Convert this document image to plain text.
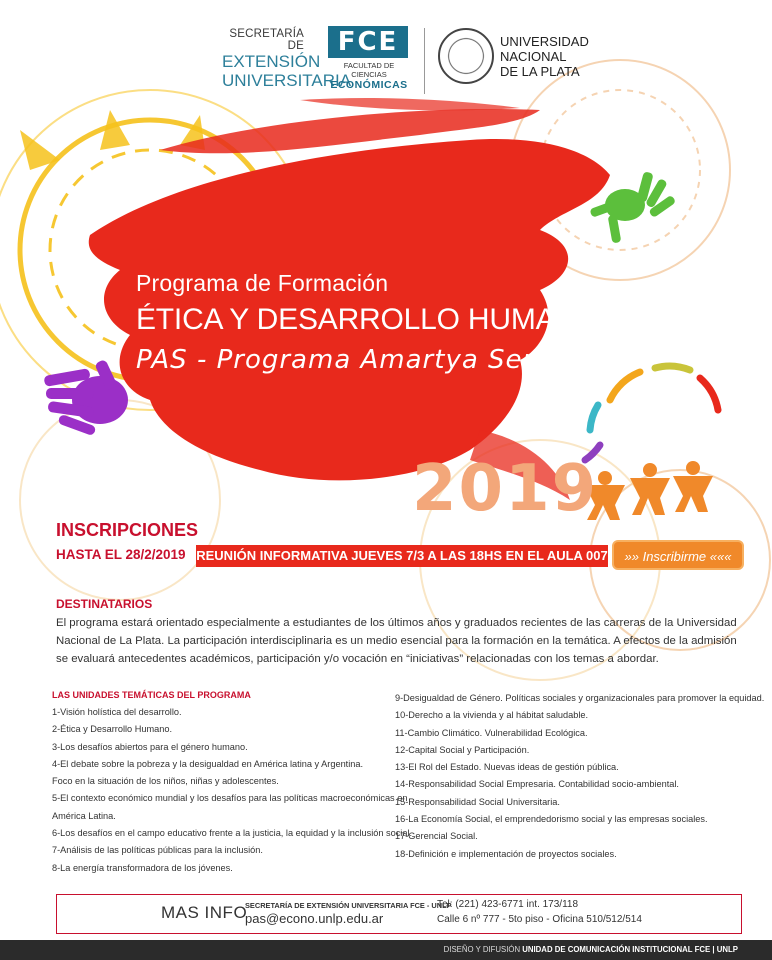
SECRETARÍA DE
EXTENSIÓN
UNIVERSITARIA
FCE
FACULTAD DE CIENCIAS
ECONÓMICAS
UNIVERSIDAD
NACIONAL
DE LA PLATA
Programa de Formación
ÉTICA Y DESARROLLO HUMANO
PAS - Programa Amartya Sen
2019
INSCRIPCIONES
HASTA EL 28/2/2019 REUNIÓN INFORMATIVA JUEVES 7/3 A LAS 18HS EN EL AULA 007	»» Inscribirme «««
DESTINATARIOS
El programa estará orientado especialmente a estudiantes de los últimos años y graduados recientes de las carreras de la Universidad Nacional de La Plata. La participación interdisciplinaria es un medio esencial para la formación en la temática. A efectos de la admisión se evaluará antecedentes académicos, participación y/o vocación en “iniciativas” relacionadas con los temas a abordar.
LAS UNIDADES TEMÁTICAS DEL PROGRAMA
1-Visión holística del desarrollo.
2-Ética y Desarrollo Humano.
3-Los desafíos abiertos para el género humano.
4-El debate sobre la pobreza y la desigualdad en América latina y Argentina.
Foco en la situación de los niños, niñas y adolescentes.
5-El contexto económico mundial y los desafíos para las políticas macroeconómicas en
América Latina.
6-Los desafíos en el campo educativo frente a la justicia, la equidad y la inclusión social.
7-Análisis de las políticas públicas para la inclusión.
8-La energía transformadora de los jóvenes.
9-Desigualdad de Género. Políticas sociales y organizacionales para promover la equidad.
10-Derecho a la vivienda y al hábitat saludable.
11-Cambio Climático. Vulnerabilidad Ecológica.
12-Capital Social y Participación.
13-El Rol del Estado. Nuevas ideas de gestión pública.
14-Responsabilidad Social Empresaria. Contabilidad socio-ambiental.
15-Responsabilidad Social Universitaria.
16-La Economía Social, el emprendedorismo social y las empresas sociales.
17-Gerencial Social.
18-Definición e implementación de proyectos sociales.
MAS INFO
SECRETARÍA DE EXTENSIÓN UNIVERSITARIA FCE - UNLP
pas@econo.unlp.edu.ar
Tel: (221) 423-6771 int. 173/118
Calle 6 nº 777 - 5to piso - Oficina 510/512/514
DISEÑO Y DIFUSIÓN UNIDAD DE COMUNICACIÓN INSTITUCIONAL FCE | UNLP
